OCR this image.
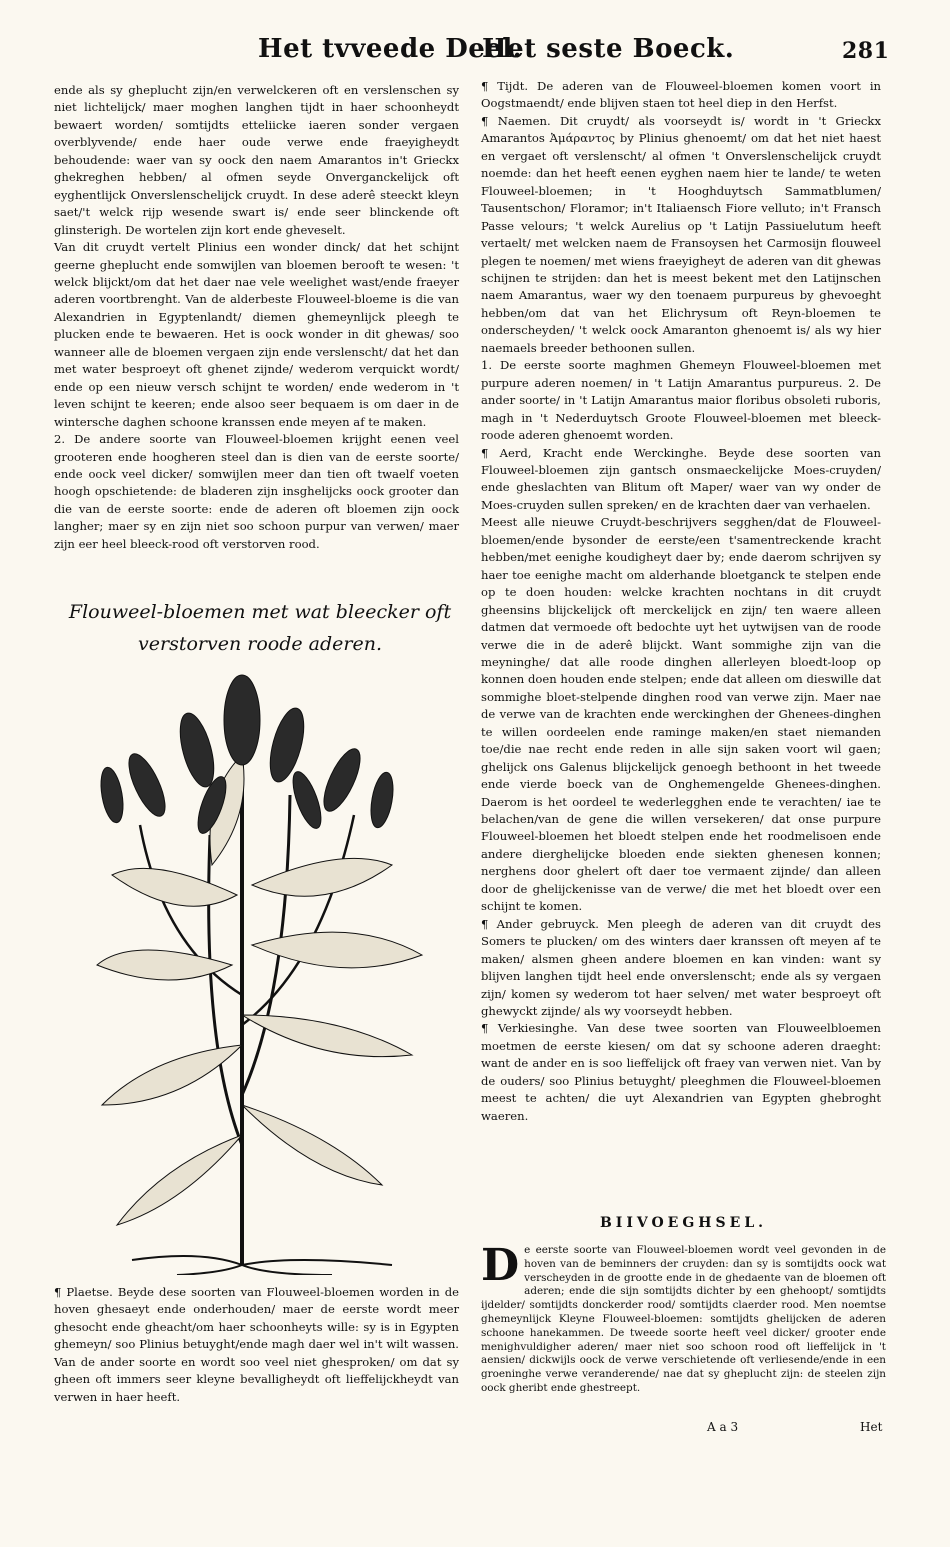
Het tvveede Deel.
Het seste Boeck.	281

ende als sy gheplucht zijn/en verwelckeren oft en verslenschen sy niet lichtelijck/ maer moghen langhen tijdt in haer schoonheydt bewaert worden/ somtijdts etteliicke iaeren sonder vergaen overblyvende/ ende haer oude verwe ende fraeyigheydt behoudende: waer van sy oock den naem Amarantos in't Grieckx ghekreghen hebben/ al ofmen seyde Onverganckelijck oft eyghentlijck Onverslenschelijck cruydt. In dese aderê steeckt kleyn saet/'t welck rijp wesende swart is/ ende seer blinckende oft glinsterigh. De wortelen zijn kort ende gheveselt.

Van dit cruydt vertelt Plinius een wonder dinck/ dat het schijnt geerne gheplucht ende somwijlen van bloemen berooft te wesen: 't welck blijckt/om dat het daer nae vele weelighet wast/ende fraeyer aderen voortbrenght. Van de alderbeste Flouweel-bloeme is die van Alexandrien in Egyptenlandt/ diemen ghemeynlijck pleegh te plucken ende te bewaeren. Het is oock wonder in dit ghewas/ soo wanneer alle de bloemen vergaen zijn ende verslenscht/ dat het dan met water besproeyt oft ghenet zijnde/ wederom verquickt wordt/ ende op een nieuw versch schijnt te worden/ ende wederom in 't leven schijnt te keeren; ende alsoo seer bequaem is om daer in de wintersche daghen schoone kranssen ende meyen af te maken.

2. De andere soorte van Flouweel-bloemen krijght eenen veel grooteren ende hoogheren steel dan is dien van de eerste soorte/ ende oock veel dicker/ somwijlen meer dan tien oft twaelf voeten hoogh opschietende: de bladeren zijn insghelijcks oock grooter dan die van de eerste soorte: ende de aderen oft bloemen zijn oock langher; maer sy en zijn niet soo schoon purpur van verwen/ maer zijn eer heel bleeck-rood oft verstorven rood.

Flouweel-bloemen met wat bleecker oft
verstorven roode aderen.
¶ Plaetse. Beyde dese soorten van Flouweel-bloemen worden in de hoven ghesaeyt ende onderhouden/ maer de eerste wordt meer ghesocht ende gheacht/om haer schoonheyts wille: sy is in Egypten ghemeyn/ soo Plinius betuyght/ende magh daer wel in't wilt wassen. Van de ander soorte en wordt soo veel niet ghesproken/ om dat sy gheen oft immers seer kleyne bevalligheydt oft lieffelijckheydt van verwen in haer heeft.

¶ Tijdt. De aderen van de Flouweel-bloemen komen voort in Oogstmaendt/ ende blijven staen tot heel diep in den Herfst.

¶ Naemen. Dit cruydt/ als voorseydt is/ wordt in 't Grieckx Amarantos Ἀμάραντος by Plinius ghenoemt/ om dat het niet haest en vergaet oft verslenscht/ al ofmen 't Onverslenschelijck cruydt noemde: dan het heeft eenen eyghen naem hier te lande/ te weten Flouweel-bloemen; in 't Hooghduytsch Sammatblumen/ Tausentschon/ Floramor; in't Italiaensch Fiore velluto; in't Fransch Passe velours; 't welck Aurelius op 't Latijn Passiuelutum heeft vertaelt/ met welcken naem de Fransoysen het Carmosijn flouweel plegen te noemen/ met wiens fraeyigheyt de aderen van dit ghewas schijnen te strijden: dan het is meest bekent met den Latijnschen naem Amarantus, waer wy den toenaem purpureus by ghevoeght hebben/om dat van het Elichrysum oft Reyn-bloemen te onderscheyden/ 't welck oock Amaranton ghenoemt is/ als wy hier naemaels breeder bethoonen sullen.

1. De eerste soorte maghmen Ghemeyn Flouweel-bloemen met purpure aderen noemen/ in 't Latijn Amarantus purpureus. 2. De ander soorte/ in 't Latijn Amarantus maior floribus obsoleti ruboris, magh in 't Nederduytsch Groote Flouweel-bloemen met bleeck-roode aderen ghenoemt worden.

¶ Aerd, Kracht ende Werckinghe. Beyde dese soorten van Flouweel-bloemen zijn gantsch onsmaeckelijcke Moes-cruyden/ ende gheslachten van Blitum oft Maper/ waer van wy onder de Moes-cruyden sullen spreken/ en de krachten daer van verhaelen.

Meest alle nieuwe Cruydt-beschrijvers segghen/dat de Flouweel-bloemen/ende bysonder de eerste/een t'samentreckende kracht hebben/met eenighe koudigheyt daer by; ende daerom schrijven sy haer toe eenighe macht om alderhande bloetganck te stelpen ende op te doen houden: welcke krachten nochtans in dit cruydt gheensins blijckelijck oft merckelijck en zijn/ ten waere alleen datmen dat vermoede oft bedochte uyt het uytwijsen van de roode verwe die in de aderê blijckt. Want sommighe zijn van die meyninghe/ dat alle roode dinghen allerleyen bloedt-loop op konnen doen houden ende stelpen; ende dat alleen om dieswille dat sommighe bloet-stelpende dinghen rood van verwe zijn. Maer nae de verwe van de krachten ende werckinghen der Ghenees-dinghen te willen oordeelen ende raminge maken/en staet niemanden toe/die nae recht ende reden in alle sijn saken voort wil gaen; ghelijck ons Galenus blijckelijck genoegh bethoont in het tweede ende vierde boeck van de Onghemengelde Ghenees-dinghen. Daerom is het oordeel te wederlegghen ende te verachten/ iae te belachen/van de gene die willen versekeren/ dat onse purpure Flouweel-bloemen het bloedt stelpen ende het roodmelisoen ende andere dierghelijcke bloeden ende siekten ghenesen konnen; nerghens door ghelert oft daer toe vermaent zijnde/ dan alleen door de ghelijckenisse van de verwe/ die met het bloedt over een schijnt te komen.

¶ Ander gebruyck. Men pleegh de aderen van dit cruydt des Somers te plucken/ om des winters daer kranssen oft meyen af te maken/ alsmen gheen andere bloemen en kan vinden: want sy blijven langhen tijdt heel ende onverslenscht; ende als sy vergaen zijn/ komen sy wederom tot haer selven/ met water besproeyt oft ghewyckt zijnde/ als wy voorseydt hebben.

¶ Verkiesinghe. Van dese twee soorten van Flouweelbloemen moetmen de eerste kiesen/ om dat sy schoone aderen draeght: want de ander en is soo lieffelijck oft fraey van verwen niet. Van by de ouders/ soo Plinius betuyght/ pleeghmen die Flouweel-bloemen meest te achten/ die uyt Alexandrien van Egypten ghebroght waeren.

BIIVOEGHSEL.
D e eerste soorte van Flouweel-bloemen wordt veel gevonden in de hoven van de beminners der cruyden: dan sy is somtijdts oock wat verscheyden in de grootte ende in de ghedaente van de bloemen oft aderen; ende die sijn somtijdts dichter by een ghehoopt/ somtijdts ijdelder/ somtijdts donckerder rood/ somtijdts claerder rood. Men noemtse ghemeynlijck Kleyne Flouweel-bloemen: somtijdts ghelijcken de aderen schoone hanekammen. De tweede soorte heeft veel dicker/ grooter ende menighvuldigher aderen/ maer niet soo schoon rood oft lieffelijck in 't aensien/ dickwijls oock de verwe verschietende oft verliesende/ende in een groeninghe verwe veranderende/ nae dat sy gheplucht zijn: de steelen zijn oock gheribt ende ghestreept.
A a 3	Het
